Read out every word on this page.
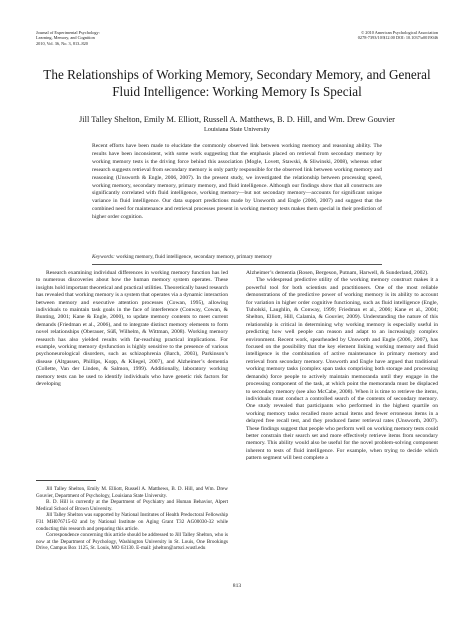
Journal of Experimental Psychology:
Learning, Memory, and Cognition
2010, Vol. 36, No. 3, 813–820
© 2010 American Psychological Association
0278-7393/10/$12.00 DOI: 10.1037/a0019046
The Relationships of Working Memory, Secondary Memory, and General Fluid Intelligence: Working Memory Is Special
Jill Talley Shelton, Emily M. Elliott, Russell A. Matthews, B. D. Hill, and Wm. Drew Gouvier
Louisiana State University

Recent efforts have been made to elucidate the commonly observed link between working memory and reasoning ability. The results have been inconsistent, with some work suggesting that the emphasis placed on retrieval from secondary memory by working memory tests is the driving force behind this association (Mogle, Lovett, Stawski, & Sliwinski, 2008), whereas other research suggests retrieval from secondary memory is only partly responsible for the observed link between working memory and reasoning (Unsworth & Engle, 2006, 2007). In the present study, we investigated the relationship between processing speed, working memory, secondary memory, primary memory, and fluid intelligence. Although our findings show that all constructs are significantly correlated with fluid intelligence, working memory—but not secondary memory—accounts for significant unique variance in fluid intelligence. Our data support predictions made by Unsworth and Engle (2006, 2007) and suggest that the combined need for maintenance and retrieval processes present in working memory tests makes them special in their prediction of higher order cognition.

Keywords: working memory, fluid intelligence, secondary memory, primary memory

Research examining individual differences in working memory function has led to numerous discoveries about how the human memory system operates. These insights hold important theoretical and practical utilities. Theoretically based research has revealed that working memory is a system that operates via a dynamic interaction between memory and executive attention processes (Cowan, 1995), allowing individuals to maintain task goals in the face of interference (Conway, Cowan, & Bunting, 2001; Kane & Engle, 2000), to update memory contents to meet current demands (Friedman et al., 2006), and to integrate distinct memory elements to form novel relationships (Oberauer, Süß, Wilhelm, & Wittman, 2008). Working memory research has also yielded results with far-reaching practical implications. For example, working memory dysfunction is highly sensitive to the presence of various psychoneurological disorders, such as schizophrenia (Barch, 2003), Parkinson’s disease (Altgassen, Phillips, Kopp, & Kliegel, 2007), and Alzheimer’s dementia (Collette, Van der Linden, & Salmon, 1999). Additionally, laboratory working memory tests can be used to identify individuals who have genetic risk factors for developing

Alzheimer’s dementia (Rosen, Bergeson, Putnam, Harwell, & Sunderland, 2002).

The widespread predictive utility of the working memory construct makes it a powerful tool for both scientists and practitioners. One of the most reliable demonstrations of the predictive power of working memory is its ability to account for variation in higher order cognitive functioning, such as fluid intelligence (Engle, Tuholski, Laughlin, & Conway, 1999; Friedman et al., 2006; Kane et al., 2004; Shelton, Elliott, Hill, Calamia, & Gouvier, 2009). Understanding the nature of this relationship is critical in determining why working memory is especially useful in predicting how well people can reason and adapt to an increasingly complex environment. Recent work, spearheaded by Unsworth and Engle (2006, 2007), has focused on the possibility that the key element linking working memory and fluid intelligence is the combination of active maintenance in primary memory and retrieval from secondary memory. Unsworth and Engle have argued that traditional working memory tasks (complex span tasks comprising both storage and processing demands) force people to actively maintain memoranda until they engage in the processing component of the task, at which point the memoranda must be displaced to secondary memory (see also McCabe, 2008). When it is time to retrieve the items, individuals must conduct a controlled search of the contents of secondary memory. One study revealed that participants who performed in the highest quartile on working memory tasks recalled more actual items and fewer erroneous items in a delayed free recall test, and they produced faster retrieval rates (Unsworth, 2007). These findings suggest that people who perform well on working memory tests could better constrain their search set and more effectively retrieve items from secondary memory. This ability would also be useful for the novel problem-solving component inherent to tests of fluid intelligence. For example, when trying to decide which pattern segment will best complete a

Jill Talley Shelton, Emily M. Elliott, Russell A. Matthews, B. D. Hill, and Wm. Drew Gouvier, Department of Psychology, Louisiana State University.

B. D. Hill is currently at the Department of Psychiatry and Human Behavior, Alpert Medical School of Brown University.

Jill Talley Shelton was supported by National Institutes of Health Predoctoral Fellowship F31 MH076715-02 and by National Institute on Aging Grant T32 AG00030-32 while conducting this research and preparing this article.

Correspondence concerning this article should be addressed to Jill Talley Shelton, who is now at the Department of Psychology, Washington University in St. Louis, One Brookings Drive, Campus Box 1125, St. Louis, MO 63130. E-mail: jshelton@artsci.wustl.edu

813
